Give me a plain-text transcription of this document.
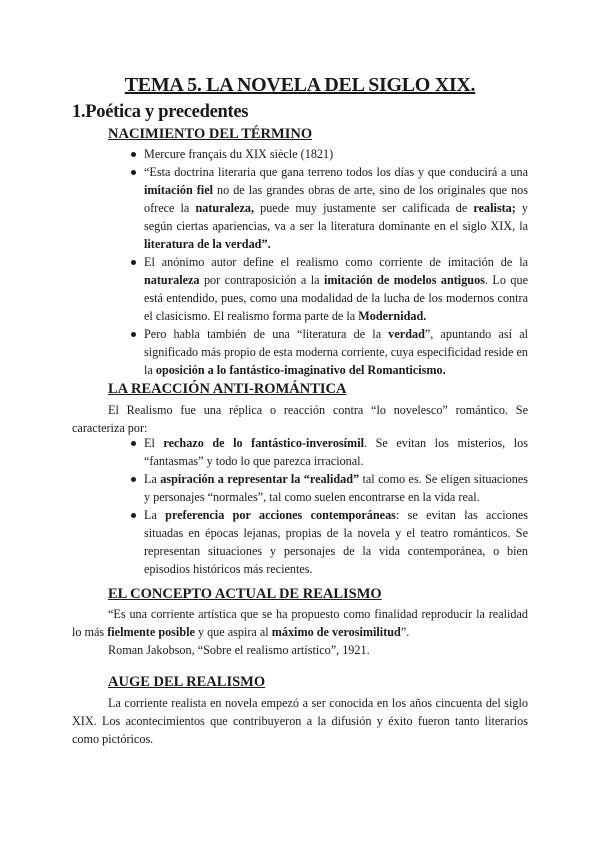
TEMA 5. LA NOVELA DEL SIGLO XIX.
1.Poética y precedentes
NACIMIENTO DEL TÉRMINO
Mercure français du XIX siècle (1821)
“Esta doctrina literaria que gana terreno todos los días y que conducirá a una imitación fiel no de las grandes obras de arte, sino de los originales que nos ofrece la naturaleza, puede muy justamente ser calificada de realista; y según ciertas apariencias, va a ser la literatura dominante en el siglo XIX, la literatura de la verdad”.
El anónimo autor define el realismo como corriente de imitación de la naturaleza por contraposición a la imitación de modelos antiguos. Lo que está entendido, pues, como una modalidad de la lucha de los modernos contra el clasicismo. El realismo forma parte de la Modernidad.
Pero habla también de una “literatura de la verdad”, apuntando así al significado más propio de esta moderna corriente, cuya especificidad reside en la oposición a lo fantástico-imaginativo del Romanticismo.
LA REACCIÓN ANTI-ROMÁNTICA

El Realismo fue una réplica o reacción contra “lo novelesco” romántico. Se caracteriza por:

El rechazo de lo fantástico-inverosímil. Se evitan los misterios, los “fantasmas” y todo lo que parezca irracional.
La aspiración a representar la “realidad” tal como es. Se eligen situaciones y personajes “normales”, tal como suelen encontrarse en la vida real.
La preferencia por acciones contemporáneas: se evitan las acciones situadas en épocas lejanas, propias de la novela y el teatro románticos. Se representan situaciones y personajes de la vida contemporánea, o bien episodios históricos más recientes.
EL CONCEPTO ACTUAL DE REALISMO

“Es una corriente artística que se ha propuesto como finalidad reproducir la realidad lo más fielmente posible y que aspira al máximo de verosimilitud”.

Roman Jakobson, “Sobre el realismo artístico”, 1921.

AUGE DEL REALISMO

La corriente realista en novela empezó a ser conocida en los años cincuenta del siglo XIX. Los acontecimientos que contribuyeron a la difusión y éxito fueron tanto literarios como pictóricos.
